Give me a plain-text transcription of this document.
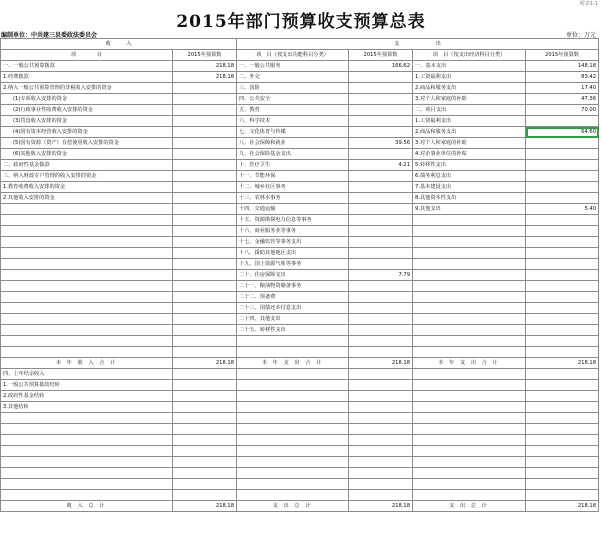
附表1-1
2015年部门预算收支预算总表
编制单位：中共建三县委政法委员会	单位：万元
收　　　入		支　　　　　　　出			
项　　　　目	2015年预算数	项　目（按支出功能科目分类）	2015年预算数	项　目（按支出经济科目分类）	2015年预算数
一、一般公共预算拨款	218.18	一、一般公共服务	166.62	一、基本支出	148.18
1.经费拨款	218.18	二、外交		1.工资福利支出	83.42
2.纳入一般公共预算管理的非税收入安排的资金		三、国防		2.商品和服务支出	17.40
(1)专项收入安排的资金		四、公共安全		3.对个人和家庭的补助	47.36
(2)行政事业性收费收入安排的资金		五、教育		二、项目支出	70.00
(3)罚没收入安排的资金		六、科学技术		1.工资福利支出	
(4)国有资本经营收入安排的资金		七、文化体育与传媒		2.商品和服务支出	64.60
(5)国有资源（资产）有偿使用收入安排的资金		八、社会保障和就业	39.56	3.对个人和家庭的补助	
(6)其他收入安排的资金		九、社会保险基金支出		4.对企事业单位的补贴	
二、政府性基金拨款		十、医疗卫生	4.21	5.转移性支出	
三、纳入财政专户管理的收入安排的资金		十一、节能环保		6.债务利息支出	
1.教育收费收入安排的资金		十二、城乡社区事务		7.基本建设支出	
2.其他收入安排的资金		十三、农林水事务		8.其他资本性支出	
		十四、交通运输		9.其他支出	5.40
		十五、资源勘探电力信息等事务			
		十六、商业服务业等事务			
		十七、金融监管等事务支出			
		十八、援助其他地区支出			
		十九、国土资源气象等事务			
		二十、住房保障支出	7.79		
		二十一、粮油物资储备事务			
		二十二、预备费			
		二十三、国债还本付息支出			
		二十四、其他支出			
		二十五、转移性支出			

本 年 收 入 合 计	218.18	本 年 支 出 合 计	218.18	本 年 支 出 合 计	218.18
四、上年结余收入					
1.一般公共预算拨款结转					
2.政府性基金结转					
3.其他结转					

收 入 总 计	218.18	支 出 总 计	218.18	支 出 总 计	218.18
